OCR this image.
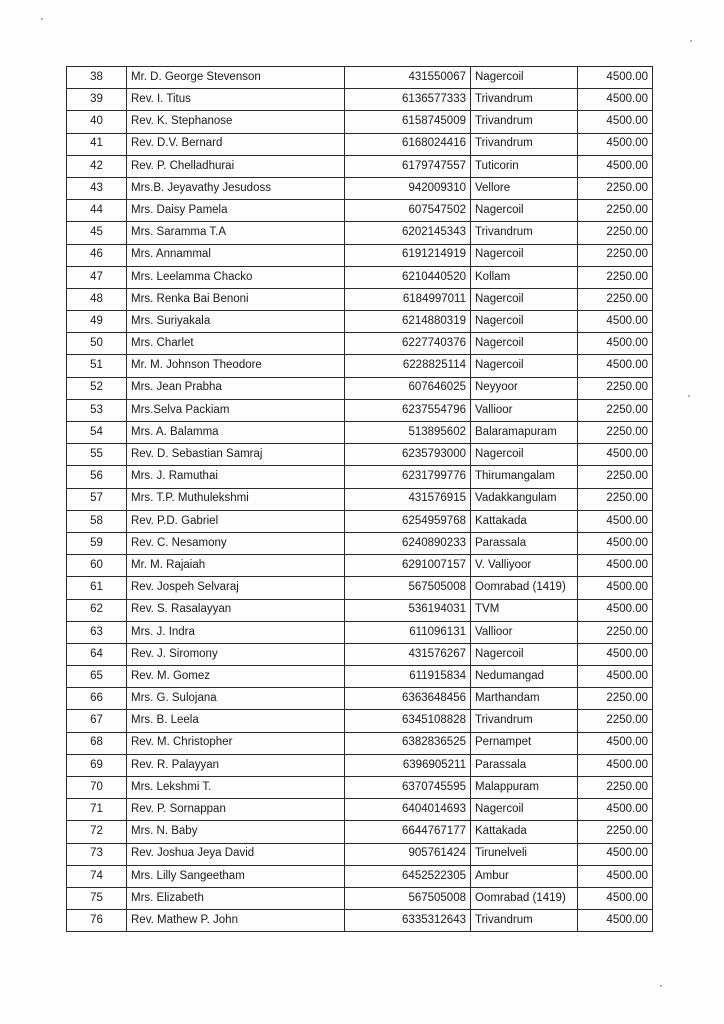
38	Mr. D. George Stevenson	431550067	Nagercoil	4500.00
39	Rev. I. Titus	6136577333	Trivandrum	4500.00
40	Rev. K. Stephanose	6158745009	Trivandrum	4500.00
41	Rev. D.V. Bernard	6168024416	Trivandrum	4500.00
42	Rev. P. Chelladhurai	6179747557	Tuticorin	4500.00
43	Mrs.B. Jeyavathy Jesudoss	942009310	Vellore	2250.00
44	Mrs. Daisy Pamela	607547502	Nagercoil	2250.00
45	Mrs. Saramma T.A	6202145343	Trivandrum	2250.00
46	Mrs. Annammal	6191214919	Nagercoil	2250.00
47	Mrs. Leelamma Chacko	6210440520	Kollam	2250.00
48	Mrs. Renka Bai Benoni	6184997011	Nagercoil	2250.00
49	Mrs. Suriyakala	6214880319	Nagercoil	4500.00
50	Mrs. Charlet	6227740376	Nagercoil	4500.00
51	Mr. M. Johnson Theodore	6228825114	Nagercoil	4500.00
52	Mrs. Jean Prabha	607646025	Neyyoor	2250.00
53	Mrs.Selva Packiam	6237554796	Vallioor	2250.00
54	Mrs. A. Balamma	513895602	Balaramapuram	2250.00
55	Rev. D. Sebastian Samraj	6235793000	Nagercoil	4500.00
56	Mrs. J. Ramuthai	6231799776	Thirumangalam	2250.00
57	Mrs. T.P. Muthulekshmi	431576915	Vadakkangulam	2250.00
58	Rev. P.D. Gabriel	6254959768	Kattakada	4500.00
59	Rev. C. Nesamony	6240890233	Parassala	4500.00
60	Mr. M. Rajaiah	6291007157	V. Valliyoor	4500.00
61	Rev. Jospeh Selvaraj	567505008	Oomrabad (1419)	4500.00
62	Rev. S. Rasalayyan	536194031	TVM	4500.00
63	Mrs. J. Indra	611096131	Vallioor	2250.00
64	Rev. J. Siromony	431576267	Nagercoil	4500.00
65	Rev. M. Gomez	611915834	Nedumangad	4500.00
66	Mrs. G. Sulojana	6363648456	Marthandam	2250.00
67	Mrs. B. Leela	6345108828	Trivandrum	2250.00
68	Rev. M. Christopher	6382836525	Pernampet	4500.00
69	Rev. R. Palayyan	6396905211	Parassala	4500.00
70	Mrs. Lekshmi T.	6370745595	Malappuram	2250.00
71	Rev. P. Sornappan	6404014693	Nagercoil	4500.00
72	Mrs. N. Baby	6644767177	Kattakada	2250.00
73	Rev. Joshua Jeya David	905761424	Tirunelveli	4500.00
74	Mrs. Lilly Sangeetham	6452522305	Ambur	4500.00
75	Mrs. Elizabeth	567505008	Oomrabad (1419)	4500.00
76	Rev. Mathew P. John	6335312643	Trivandrum	4500.00
